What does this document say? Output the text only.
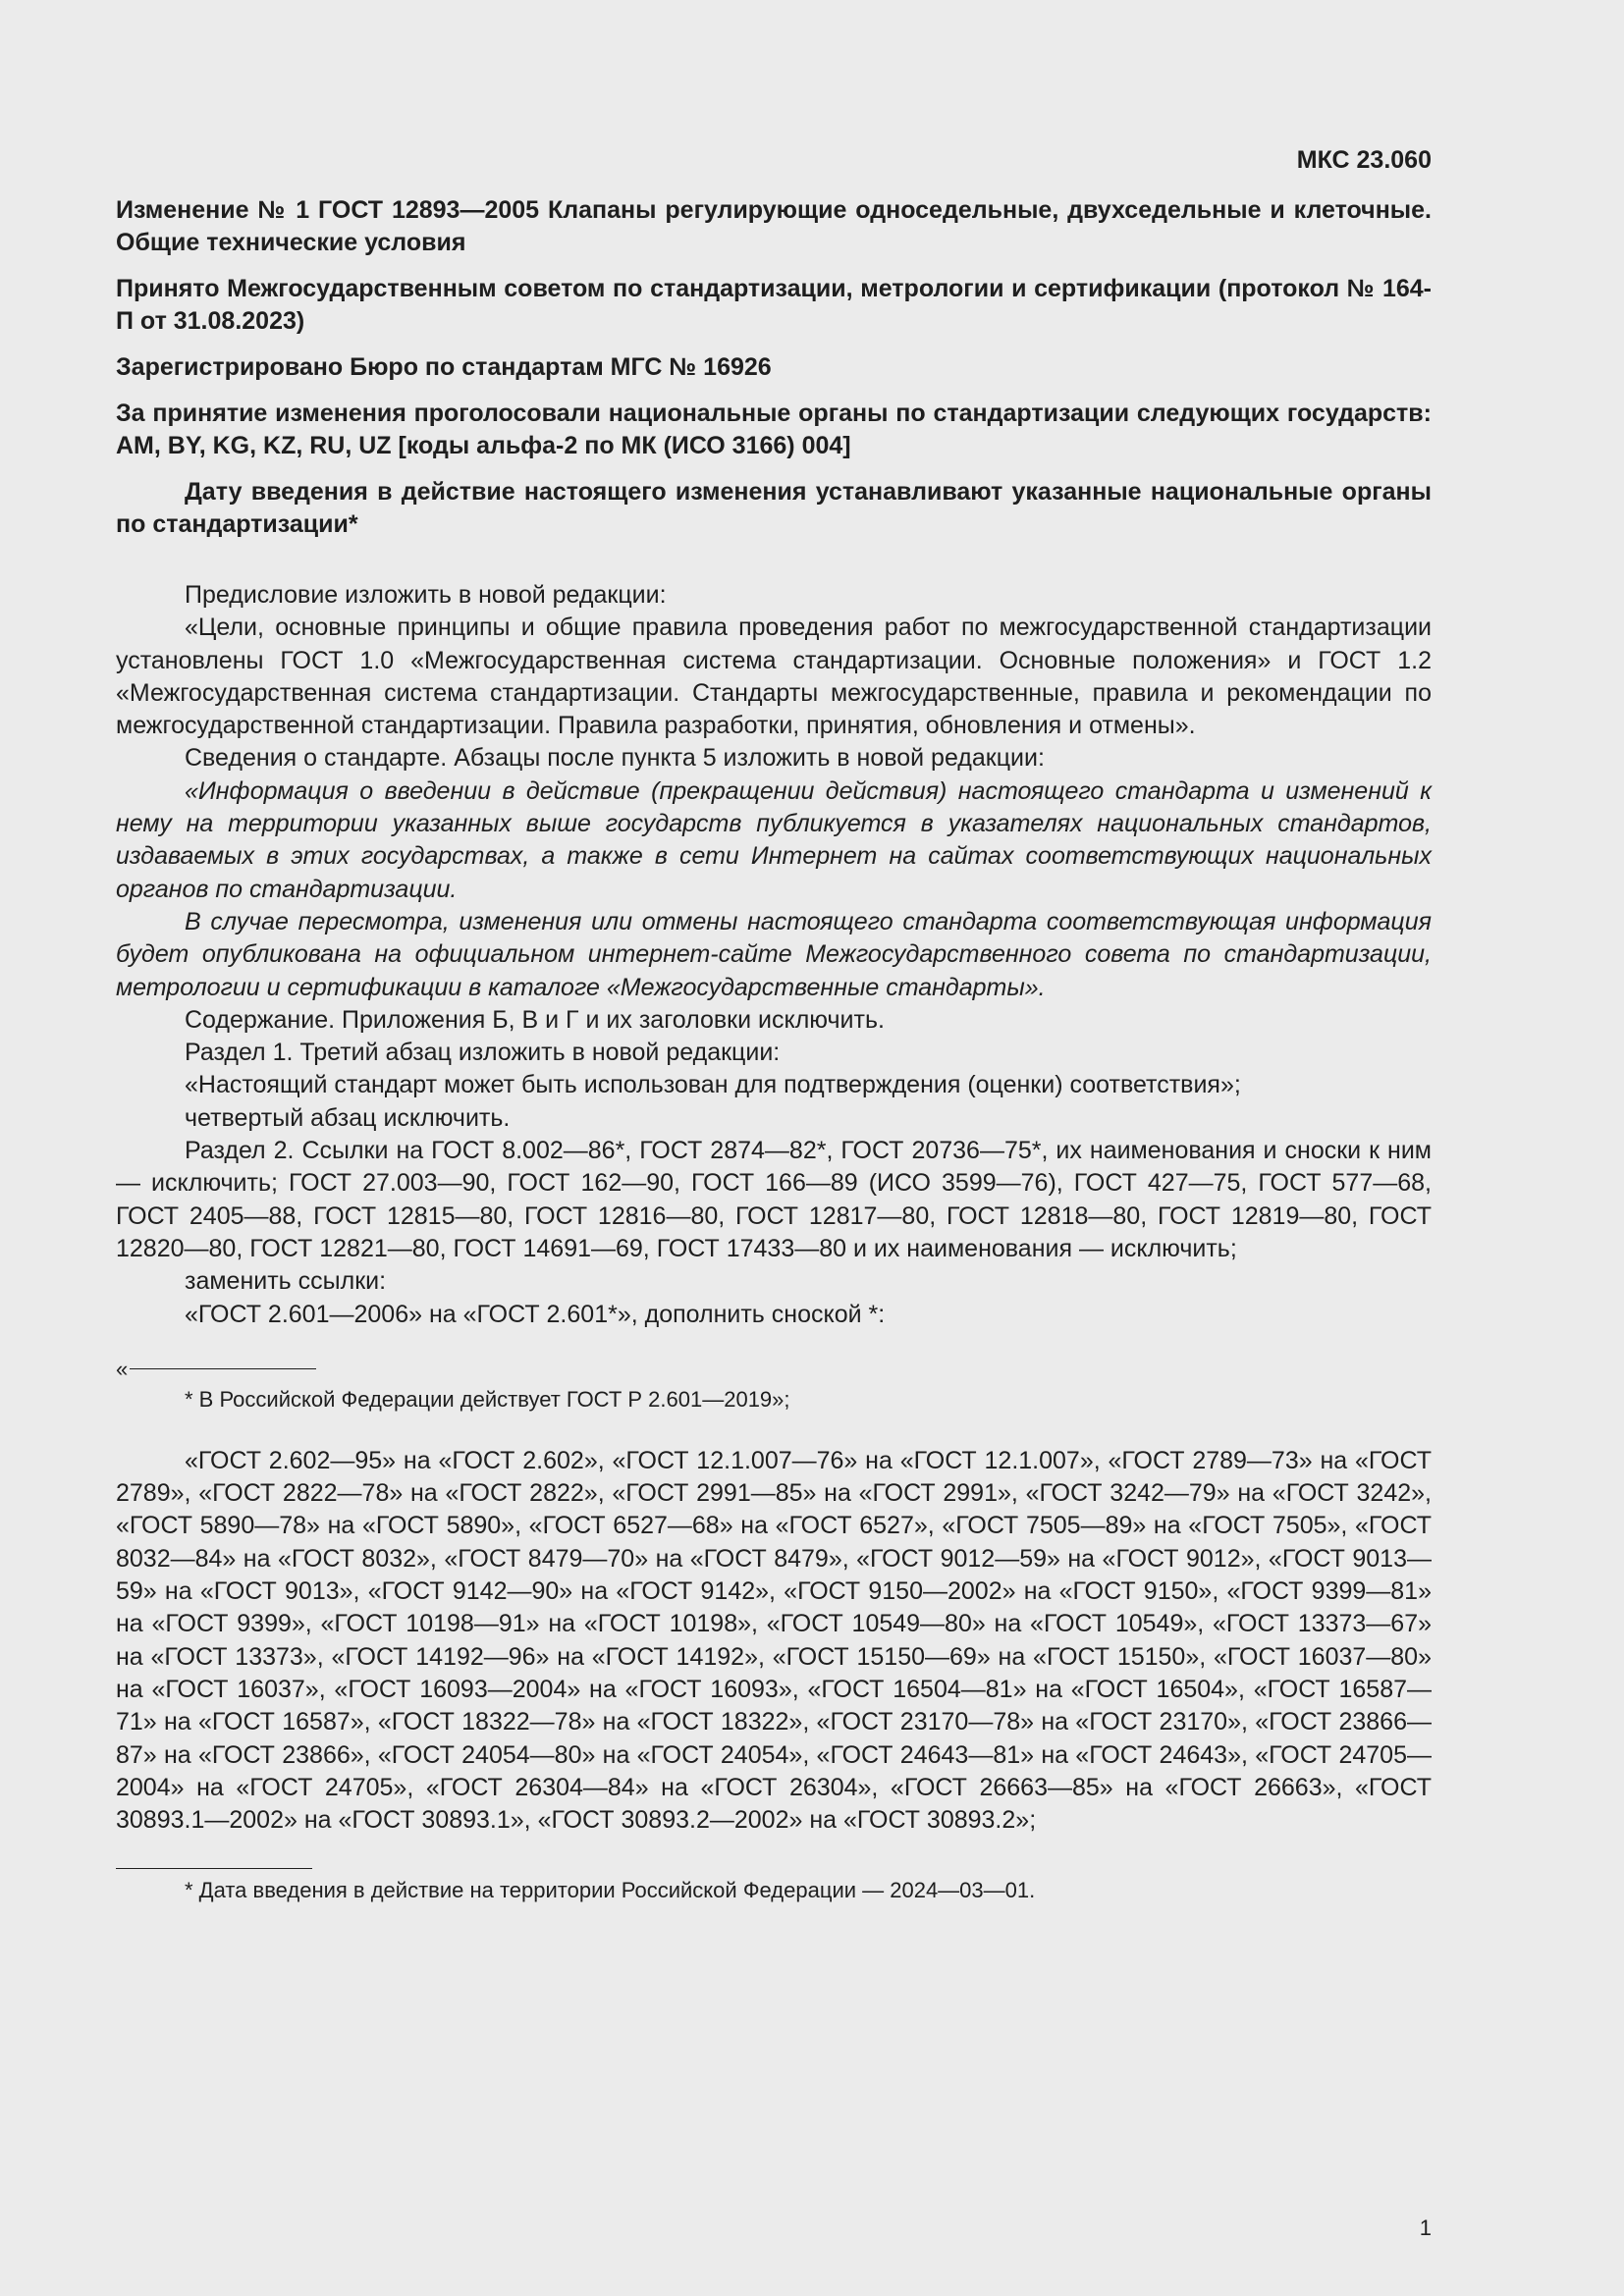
МКС 23.060
Изменение № 1 ГОСТ 12893—2005 Клапаны регулирующие односедельные, двухседельные и клеточные. Общие технические условия
Принято Межгосударственным советом по стандартизации, метрологии и сертификации (протокол № 164-П от 31.08.2023)
Зарегистрировано Бюро по стандартам МГС № 16926
За принятие изменения проголосовали национальные органы по стандартизации следующих государств: AM, BY, KG, KZ, RU, UZ [коды альфа-2 по МК (ИСО 3166) 004]
Дату введения в действие настоящего изменения устанавливают указанные национальные органы по стандартизации*

Предисловие изложить в новой редакции:

«Цели, основные принципы и общие правила проведения работ по межгосударственной стандартизации установлены ГОСТ 1.0 «Межгосударственная система стандартизации. Основные положения» и ГОСТ 1.2 «Межгосударственная система стандартизации. Стандарты межгосударственные, правила и рекомендации по межгосударственной стандартизации. Правила разработки, принятия, обновления и отмены».

Сведения о стандарте. Абзацы после пункта 5 изложить в новой редакции:

«Информация о введении в действие (прекращении действия) настоящего стандарта и изменений к нему на территории указанных выше государств публикуется в указателях национальных стандартов, издаваемых в этих государствах, а также в сети Интернет на сайтах соответствующих национальных органов по стандартизации.

В случае пересмотра, изменения или отмены настоящего стандарта соответствующая информация будет опубликована на официальном интернет-сайте Межгосударственного совета по стандартизации, метрологии и сертификации в каталоге «Межгосударственные стандарты».

Содержание. Приложения Б, В и Г и их заголовки исключить.

Раздел 1. Третий абзац изложить в новой редакции:

«Настоящий стандарт может быть использован для подтверждения (оценки) соответствия»;

четвертый абзац исключить.

Раздел 2. Ссылки на ГОСТ 8.002—86*, ГОСТ 2874—82*, ГОСТ 20736—75*, их наименования и сноски к ним — исключить; ГОСТ 27.003—90, ГОСТ 162—90, ГОСТ 166—89 (ИСО 3599—76), ГОСТ 427—75, ГОСТ 577—68, ГОСТ 2405—88, ГОСТ 12815—80, ГОСТ 12816—80, ГОСТ 12817—80, ГОСТ 12818—80, ГОСТ 12819—80, ГОСТ 12820—80, ГОСТ 12821—80, ГОСТ 14691—69, ГОСТ 17433—80 и их наименования — исключить;

заменить ссылки:

«ГОСТ 2.601—2006» на «ГОСТ 2.601*», дополнить сноской *:

«

* В Российской Федерации действует ГОСТ Р 2.601—2019»;

«ГОСТ 2.602—95» на «ГОСТ 2.602», «ГОСТ 12.1.007—76» на «ГОСТ 12.1.007», «ГОСТ 2789—73» на «ГОСТ 2789», «ГОСТ 2822—78» на «ГОСТ 2822», «ГОСТ 2991—85» на «ГОСТ 2991», «ГОСТ 3242—79» на «ГОСТ 3242», «ГОСТ 5890—78» на «ГОСТ 5890», «ГОСТ 6527—68» на «ГОСТ 6527», «ГОСТ 7505—89» на «ГОСТ 7505», «ГОСТ 8032—84» на «ГОСТ 8032», «ГОСТ 8479—70» на «ГОСТ 8479», «ГОСТ 9012—59» на «ГОСТ 9012», «ГОСТ 9013—59» на «ГОСТ 9013», «ГОСТ 9142—90» на «ГОСТ 9142», «ГОСТ 9150—2002» на «ГОСТ 9150», «ГОСТ 9399—81» на «ГОСТ 9399», «ГОСТ 10198—91» на «ГОСТ 10198», «ГОСТ 10549—80» на «ГОСТ 10549», «ГОСТ 13373—67» на «ГОСТ 13373», «ГОСТ 14192—96» на «ГОСТ 14192», «ГОСТ 15150—69» на «ГОСТ 15150», «ГОСТ 16037—80» на «ГОСТ 16037», «ГОСТ 16093—2004» на «ГОСТ 16093», «ГОСТ 16504—81» на «ГОСТ 16504», «ГОСТ 16587—71» на «ГОСТ 16587», «ГОСТ 18322—78» на «ГОСТ 18322», «ГОСТ 23170—78» на «ГОСТ 23170», «ГОСТ 23866—87» на «ГОСТ 23866», «ГОСТ 24054—80» на «ГОСТ 24054», «ГОСТ 24643—81» на «ГОСТ 24643», «ГОСТ 24705—2004» на «ГОСТ 24705», «ГОСТ 26304—84» на «ГОСТ 26304», «ГОСТ 26663—85» на «ГОСТ 26663», «ГОСТ 30893.1—2002» на «ГОСТ 30893.1», «ГОСТ 30893.2—2002» на «ГОСТ 30893.2»;

* Дата введения в действие на территории Российской Федерации — 2024—03—01.

1
